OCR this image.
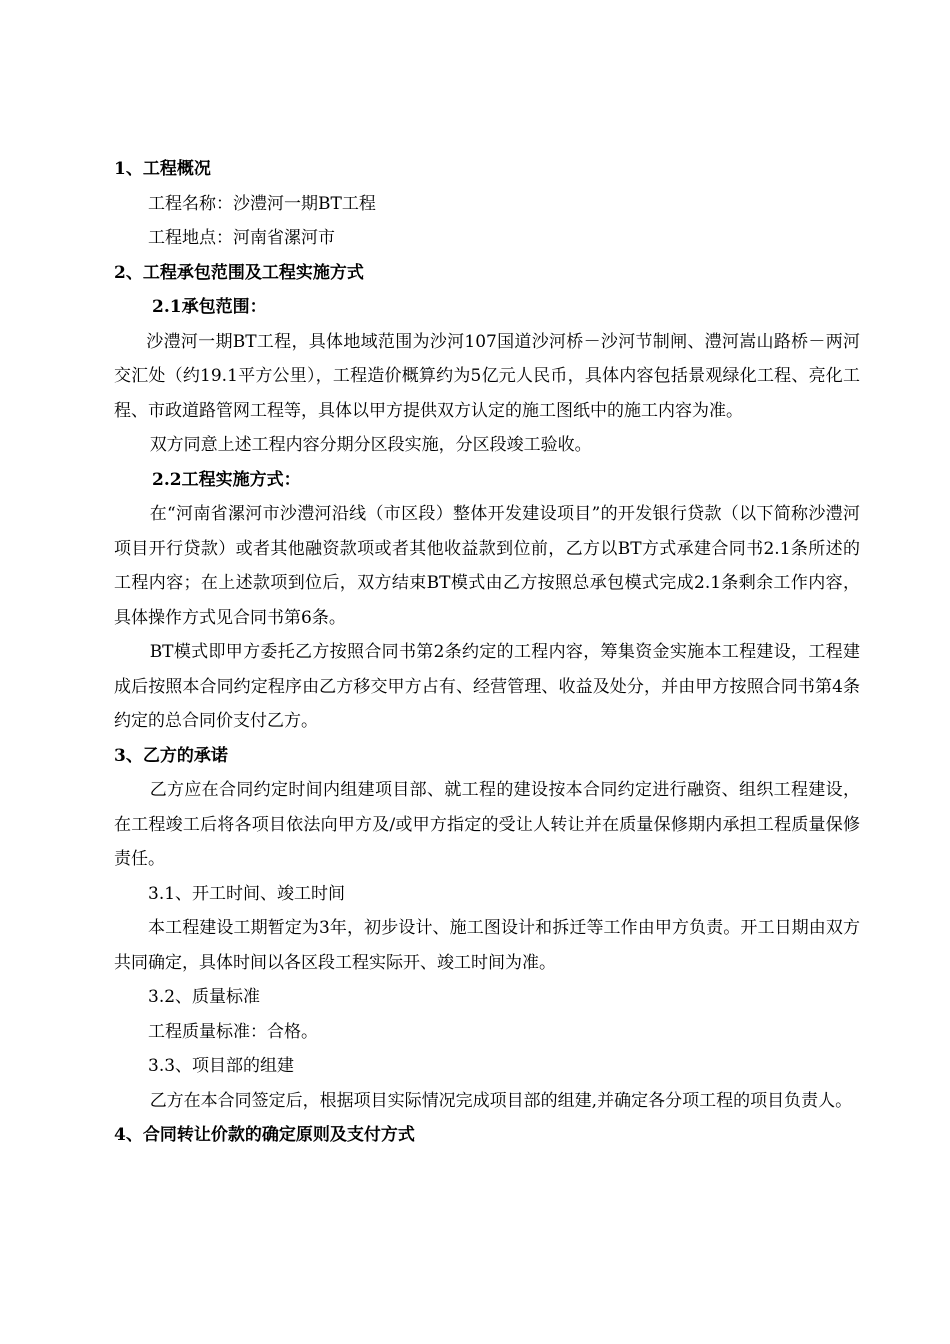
1、工程概况
工程名称：沙澧河一期BT工程
工程地点：河南省漯河市
2、工程承包范围及工程实施方式
2.1承包范围：

沙澧河一期BT工程，具体地域范围为沙河107国道沙河桥－沙河节制闸、澧河嵩山路桥－两河交汇处（约19.1平方公里），工程造价概算约为5亿元人民币，具体内容包括景观绿化工程、亮化工程、市政道路管网工程等，具体以甲方提供双方认定的施工图纸中的施工内容为准。

双方同意上述工程内容分期分区段实施，分区段竣工验收。

2.2工程实施方式：

在“河南省漯河市沙澧河沿线（市区段）整体开发建设项目”的开发银行贷款（以下简称沙澧河项目开行贷款）或者其他融资款项或者其他收益款到位前，乙方以BT方式承建合同书2.1条所述的工程内容；在上述款项到位后，双方结束BT模式由乙方按照总承包模式完成2.1条剩余工作内容，具体操作方式见合同书第6条。

BT模式即甲方委托乙方按照合同书第2条约定的工程内容，筹集资金实施本工程建设，工程建成后按照本合同约定程序由乙方移交甲方占有、经营管理、收益及处分，并由甲方按照合同书第4条约定的总合同价支付乙方。

3、乙方的承诺

乙方应在合同约定时间内组建项目部、就工程的建设按本合同约定进行融资、组织工程建设，在工程竣工后将各项目依法向甲方及/或甲方指定的受让人转让并在质量保修期内承担工程质量保修责任。

3.1、开工时间、竣工时间

本工程建设工期暂定为3年，初步设计、施工图设计和拆迁等工作由甲方负责。开工日期由双方共同确定，具体时间以各区段工程实际开、竣工时间为准。

3.2、质量标准
工程质量标准：合格。
3.3、项目部的组建

乙方在本合同签定后，根据项目实际情况完成项目部的组建,并确定各分项工程的项目负责人。

4、合同转让价款的确定原则及支付方式
